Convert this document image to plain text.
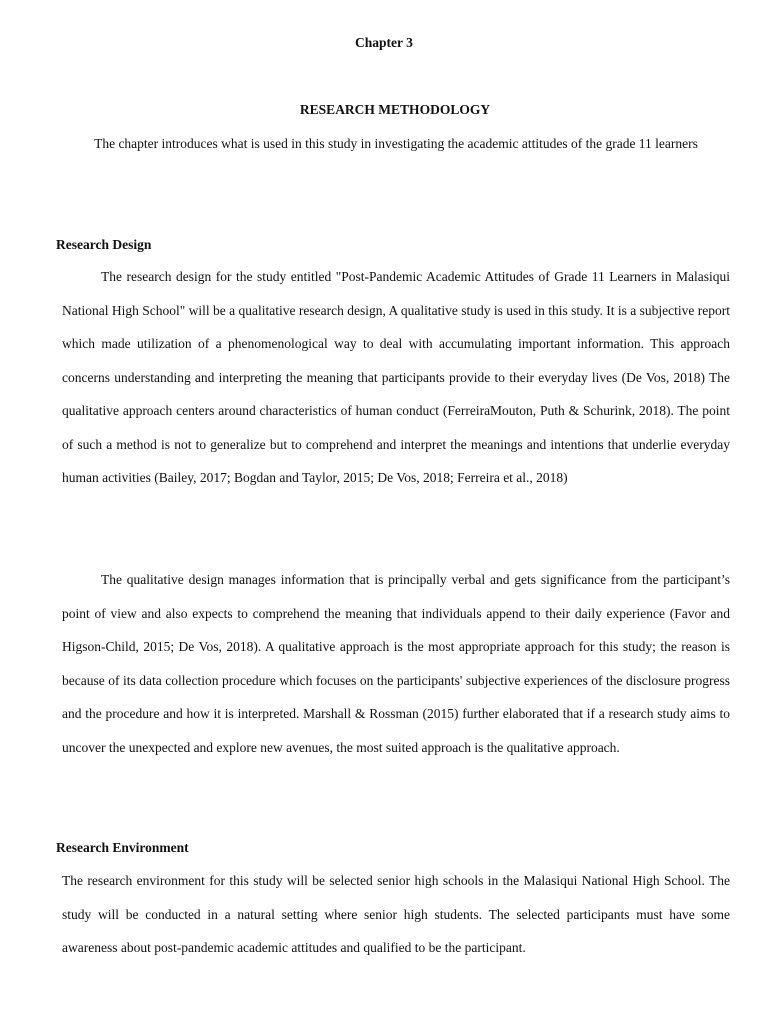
Chapter 3
RESEARCH METHODOLOGY

The chapter introduces what is used in this study in investigating the academic attitudes of the grade 11 learners

Research Design

The research design for the study entitled "Post-Pandemic Academic Attitudes of Grade 11 Learners in Malasiqui National High School" will be a qualitative research design, A qualitative study is used in this study. It is a subjective report which made utilization of a phenomenological way to deal with accumulating important information. This approach concerns understanding and interpreting the meaning that participants provide to their everyday lives (De Vos, 2018) The qualitative approach centers around characteristics of human conduct (FerreiraMouton, Puth & Schurink, 2018). The point of such a method is not to generalize but to comprehend and interpret the meanings and intentions that underlie everyday human activities (Bailey, 2017; Bogdan and Taylor, 2015; De Vos, 2018; Ferreira et al., 2018)

The qualitative design manages information that is principally verbal and gets significance from the participant’s point of view and also expects to comprehend the meaning that individuals append to their daily experience (Favor and Higson-Child, 2015; De Vos, 2018). A qualitative approach is the most appropriate approach for this study; the reason is because of its data collection procedure which focuses on the participants' subjective experiences of the disclosure progress and the procedure and how it is interpreted. Marshall & Rossman (2015) further elaborated that if a research study aims to uncover the unexpected and explore new avenues, the most suited approach is the qualitative approach.

Research Environment

The research environment for this study will be selected senior high schools in the Malasiqui National High School. The study will be conducted in a natural setting where senior high students. The selected participants must have some awareness about post-pandemic academic attitudes and qualified to be the participant.
